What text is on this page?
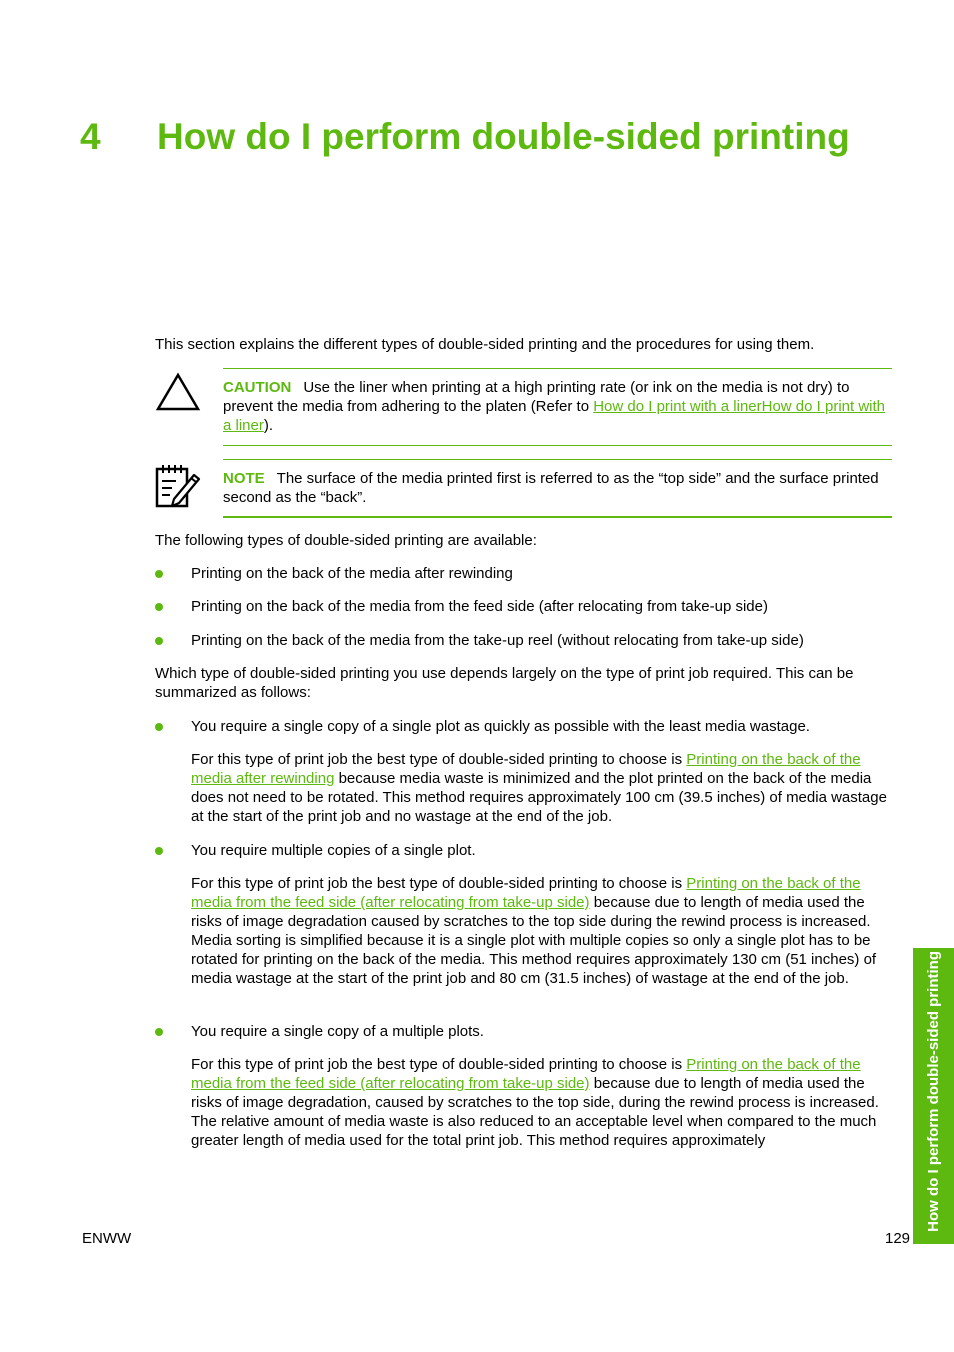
4 How do I perform double-sided printing
This section explains the different types of double-sided printing and the procedures for using them.
CAUTION Use the liner when printing at a high printing rate (or ink on the media is not dry) to prevent the media from adhering to the platen (Refer to How do I print with a linerHow do I print with a liner).
NOTE The surface of the media printed first is referred to as the “top side” and the surface printed second as the “back”.
The following types of double-sided printing are available:
Printing on the back of the media after rewinding
Printing on the back of the media from the feed side (after relocating from take-up side)
Printing on the back of the media from the take-up reel (without relocating from take-up side)
Which type of double-sided printing you use depends largely on the type of print job required. This can be summarized as follows:
You require a single copy of a single plot as quickly as possible with the least media wastage.
For this type of print job the best type of double-sided printing to choose is Printing on the back of the media after rewinding because media waste is minimized and the plot printed on the back of the media does not need to be rotated. This method requires approximately 100 cm (39.5 inches) of media wastage at the start of the print job and no wastage at the end of the job.
You require multiple copies of a single plot.
For this type of print job the best type of double-sided printing to choose is Printing on the back of the media from the feed side (after relocating from take-up side) because due to length of media used the risks of image degradation caused by scratches to the top side during the rewind process is increased. Media sorting is simplified because it is a single plot with multiple copies so only a single plot has to be rotated for printing on the back of the media. This method requires approximately 130 cm (51 inches) of media wastage at the start of the print job and 80 cm (31.5 inches) of wastage at the end of the job.
You require a single copy of a multiple plots.
For this type of print job the best type of double-sided printing to choose is Printing on the back of the media from the feed side (after relocating from take-up side) because due to length of media used the risks of image degradation, caused by scratches to the top side, during the rewind process is increased. The relative amount of media waste is also reduced to an acceptable level when compared to the much greater length of media used for the total print job. This method requires approximately	How do I perform double-sided printing
ENWW	129
